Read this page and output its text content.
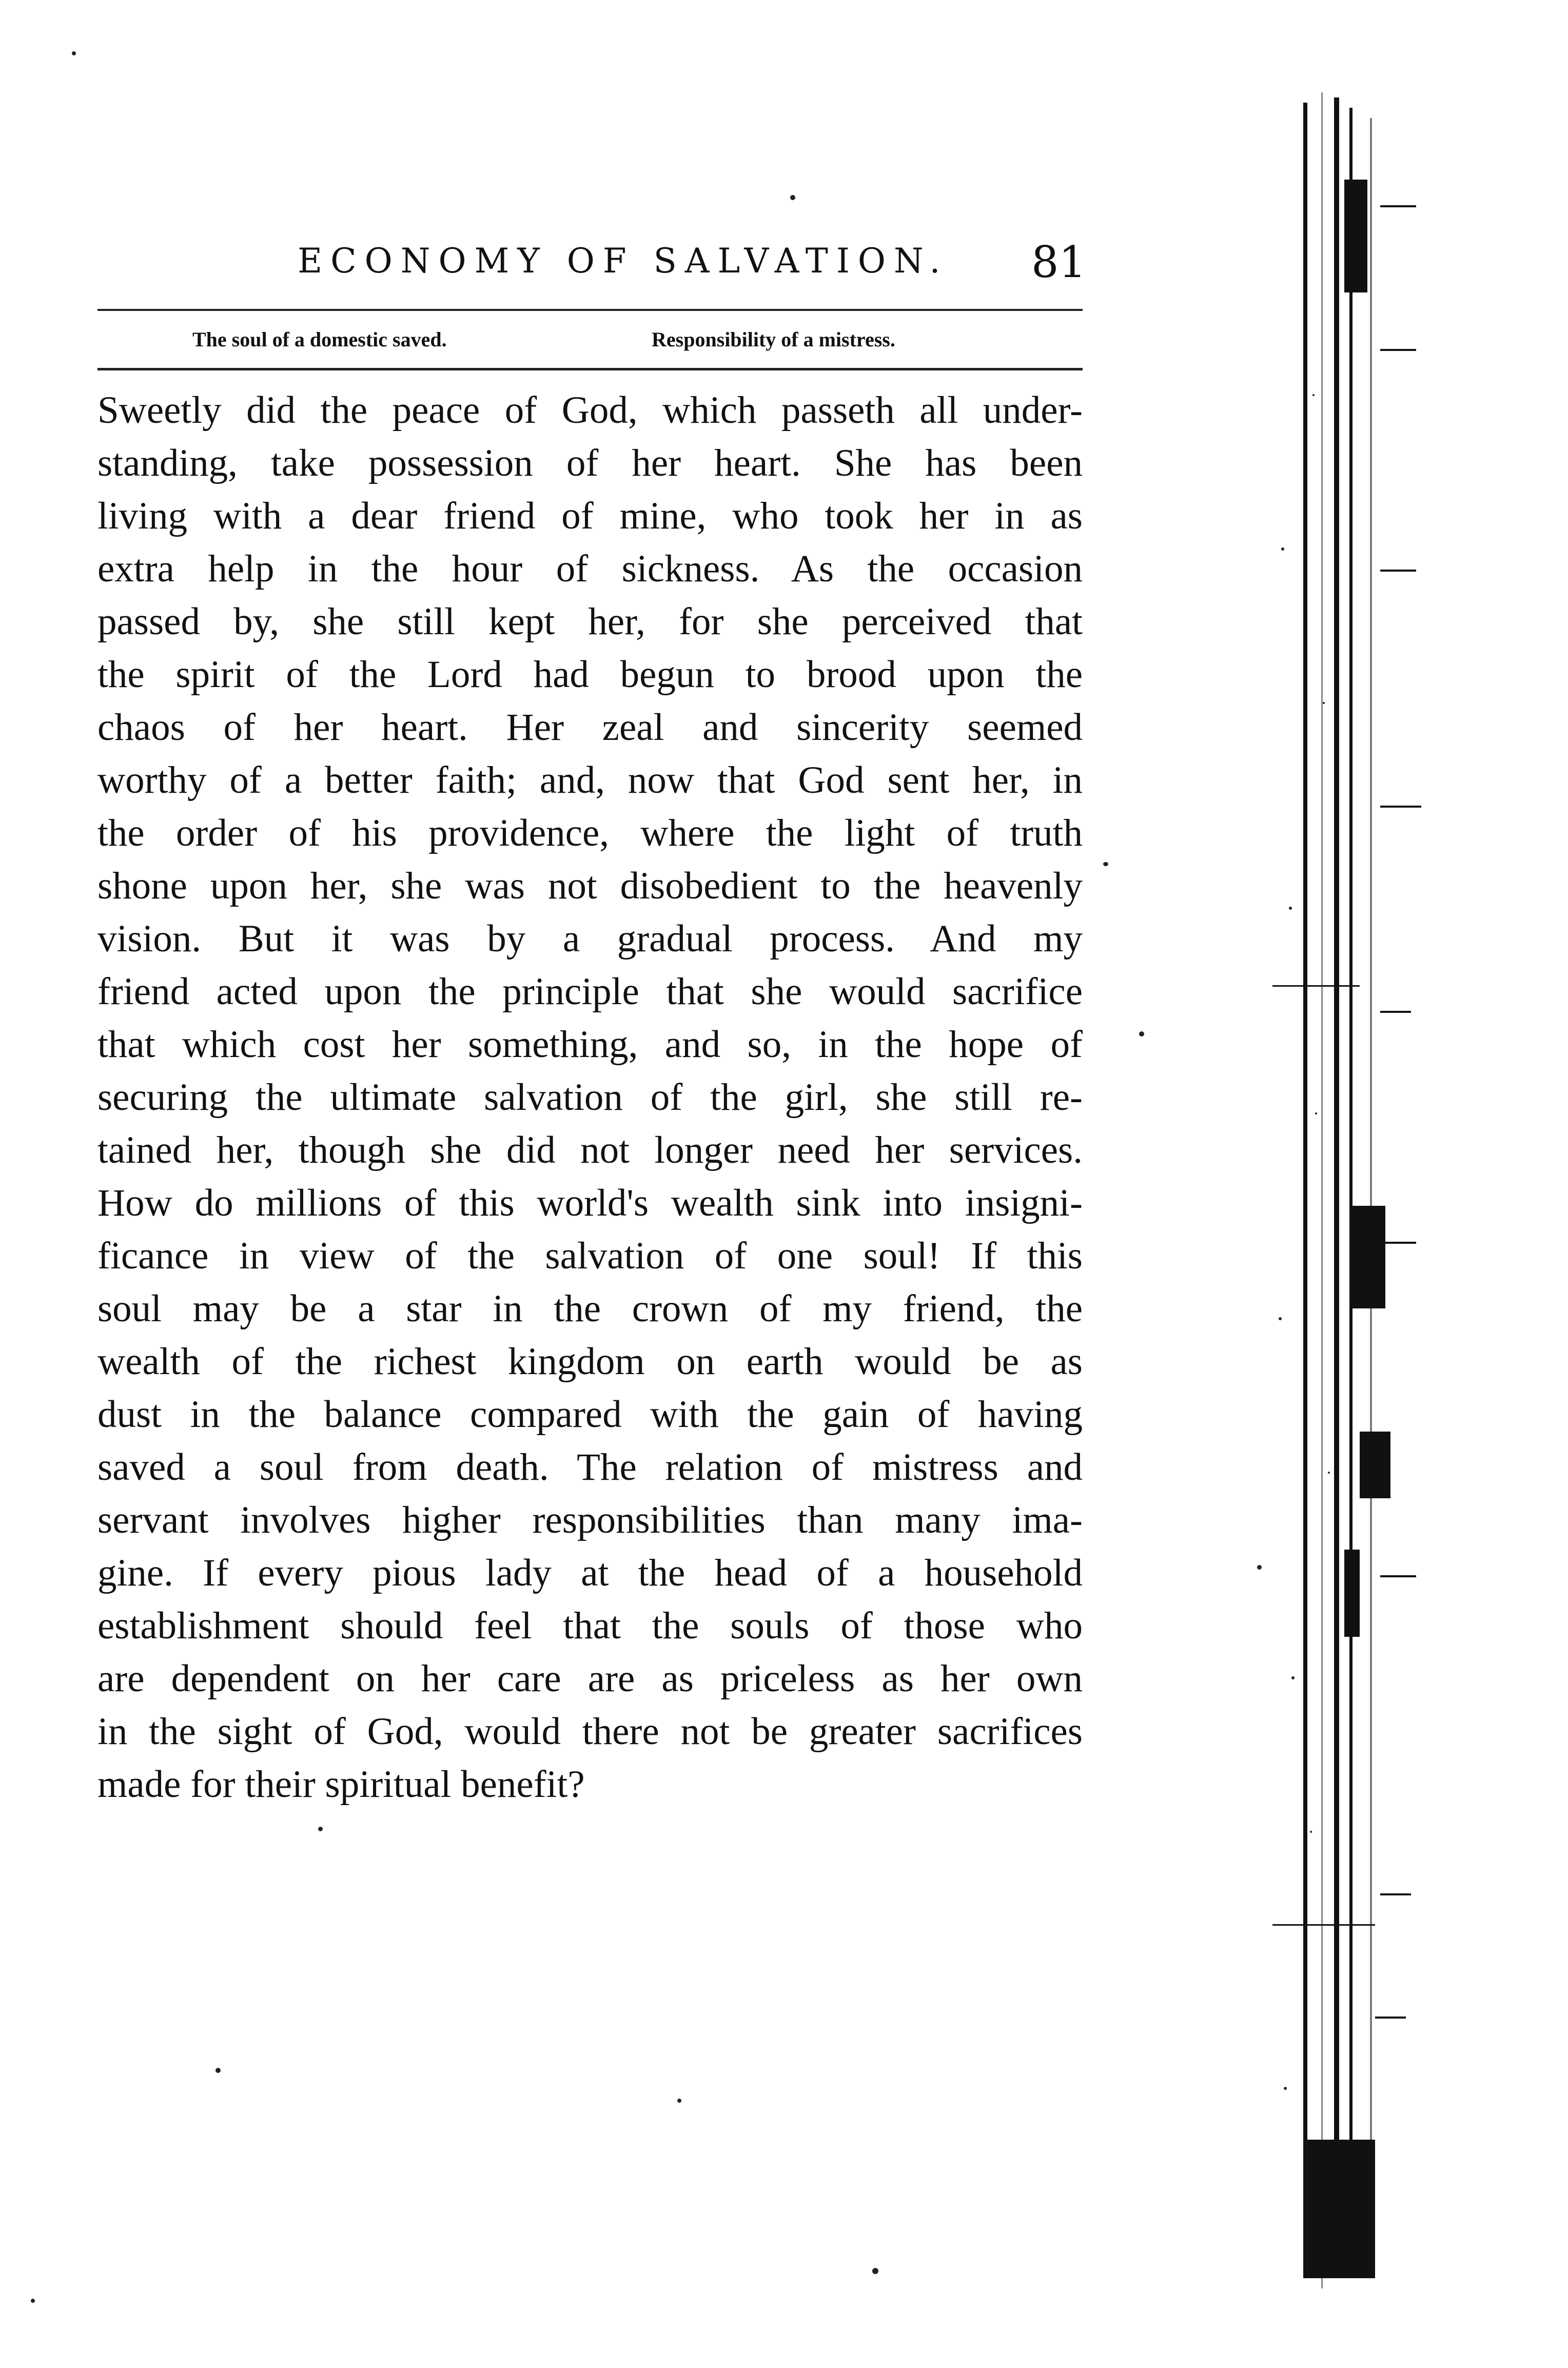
ECONOMY OF SALVATION.	81
The soul of a domestic saved.	Responsibility of a mistress.
Sweetly did the peace of God, which passeth all under-
standing, take possession of her heart. She has been
living with a dear friend of mine, who took her in as
extra help in the hour of sickness. As the occasion
passed by, she still kept her, for she perceived that
the spirit of the Lord had begun to brood upon the
chaos of her heart. Her zeal and sincerity seemed
worthy of a better faith; and, now that God sent her, in
the order of his providence, where the light of truth
shone upon her, she was not disobedient to the heavenly
vision. But it was by a gradual process. And my
friend acted upon the principle that she would sacrifice
that which cost her something, and so, in the hope of
securing the ultimate salvation of the girl, she still re-
tained her, though she did not longer need her services.
How do millions of this world's wealth sink into insigni-
ficance in view of the salvation of one soul! If this
soul may be a star in the crown of my friend, the
wealth of the richest kingdom on earth would be as
dust in the balance compared with the gain of having
saved a soul from death. The relation of mistress and
servant involves higher responsibilities than many ima-
gine. If every pious lady at the head of a household
establishment should feel that the souls of those who
are dependent on her care are as priceless as her own
in the sight of God, would there not be greater sacrifices
made for their spiritual benefit?
